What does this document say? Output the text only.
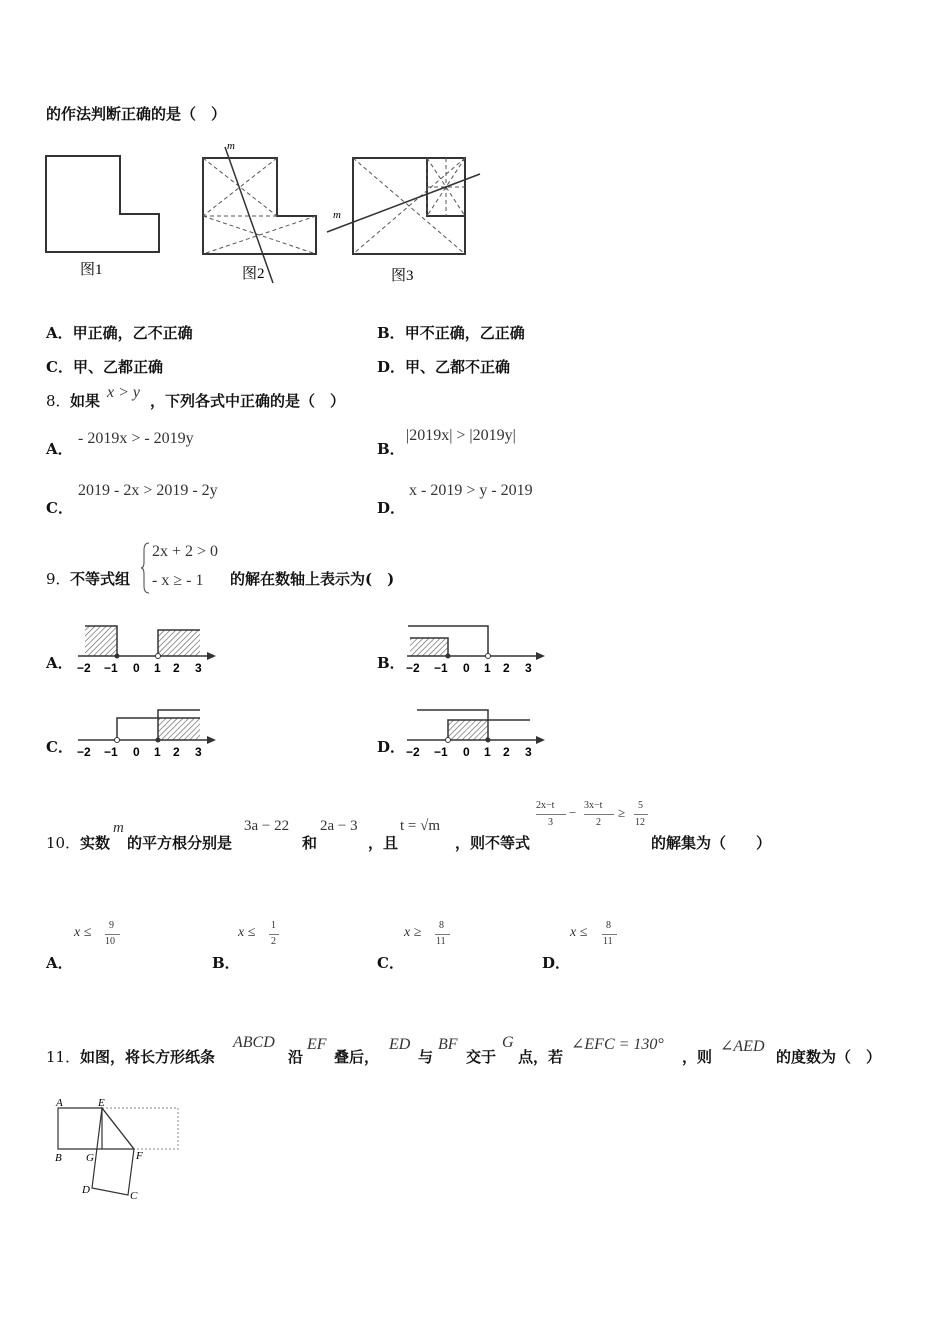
的作法判断正确的是（　）
图1
m
图2
m
图3
A．甲正确，乙不正确	B．甲不正确，乙正确
C．甲、乙都正确	D．甲、乙都不正确
8． 如果 x > y ，下列各式中正确的是（　）
A．
- 2019x > - 2019y
B．
|2019x| > |2019y|
C．
2019 - 2x > 2019 - 2y
D．
x - 2019 > y - 2019
9． 不等式组
2x + 2 > 0
- x ≥ - 1 的解在数轴上表示为(　)
A． −2 −1 0 1 2 3	B． −2 −1 0 1 2 3
C． −2 −1 0 1 2 3	D． −2 −1 0 1 2 3
10． 实数
m
的平方根分别是
3a − 22
和
2a − 3
，且
t = √m
，则不等式
2x−t
3
− 3x−t
2
≥ 5
12
的解集为（　　）
A．
x ≤ 9
10
B．
x ≤ 1
2
C．
x ≥ 8
11
D．
x ≤ 8
11
11． 如图，将长方形纸条
ABCD
沿
EF
叠后，
ED
与
BF
交于
G
点，若
∠EFC = 130°
，则
∠AED
的度数为（　）
A	E
B G	F
D	C
